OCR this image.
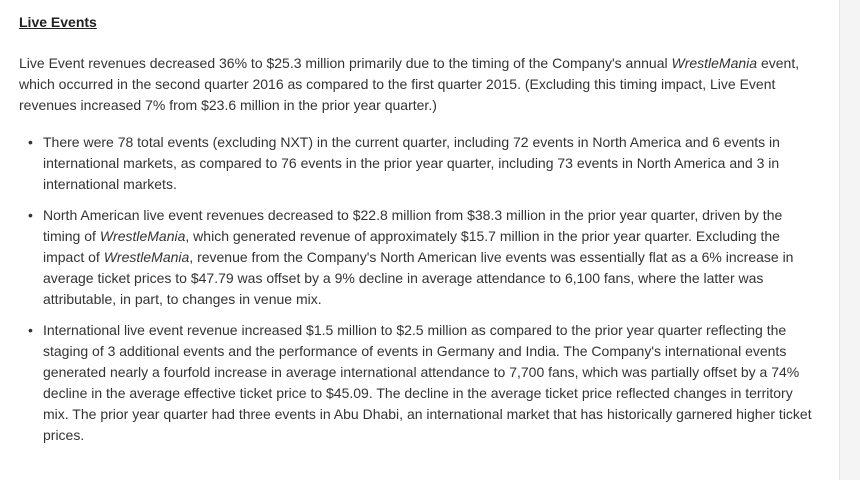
Live Events

Live Event revenues decreased 36% to $25.3 million primarily due to the timing of the Company's annual WrestleMania event, which occurred in the second quarter 2016 as compared to the first quarter 2015. (Excluding this timing impact, Live Event revenues increased 7% from $23.6 million in the prior year quarter.)

• There were 78 total events (excluding NXT) in the current quarter, including 72 events in North America and 6 events in international markets, as compared to 76 events in the prior year quarter, including 73 events in North America and 3 in international markets.
• North American live event revenues decreased to $22.8 million from $38.3 million in the prior year quarter, driven by the timing of WrestleMania, which generated revenue of approximately $15.7 million in the prior year quarter. Excluding the impact of WrestleMania, revenue from the Company's North American live events was essentially flat as a 6% increase in average ticket prices to $47.79 was offset by a 9% decline in average attendance to 6,100 fans, where the latter was attributable, in part, to changes in venue mix.
• International live event revenue increased $1.5 million to $2.5 million as compared to the prior year quarter reflecting the staging of 3 additional events and the performance of events in Germany and India. The Company's international events generated nearly a fourfold increase in average international attendance to 7,700 fans, which was partially offset by a 74% decline in the average effective ticket price to $45.09. The decline in the average ticket price reflected changes in territory mix. The prior year quarter had three events in Abu Dhabi, an international market that has historically garnered higher ticket prices.
